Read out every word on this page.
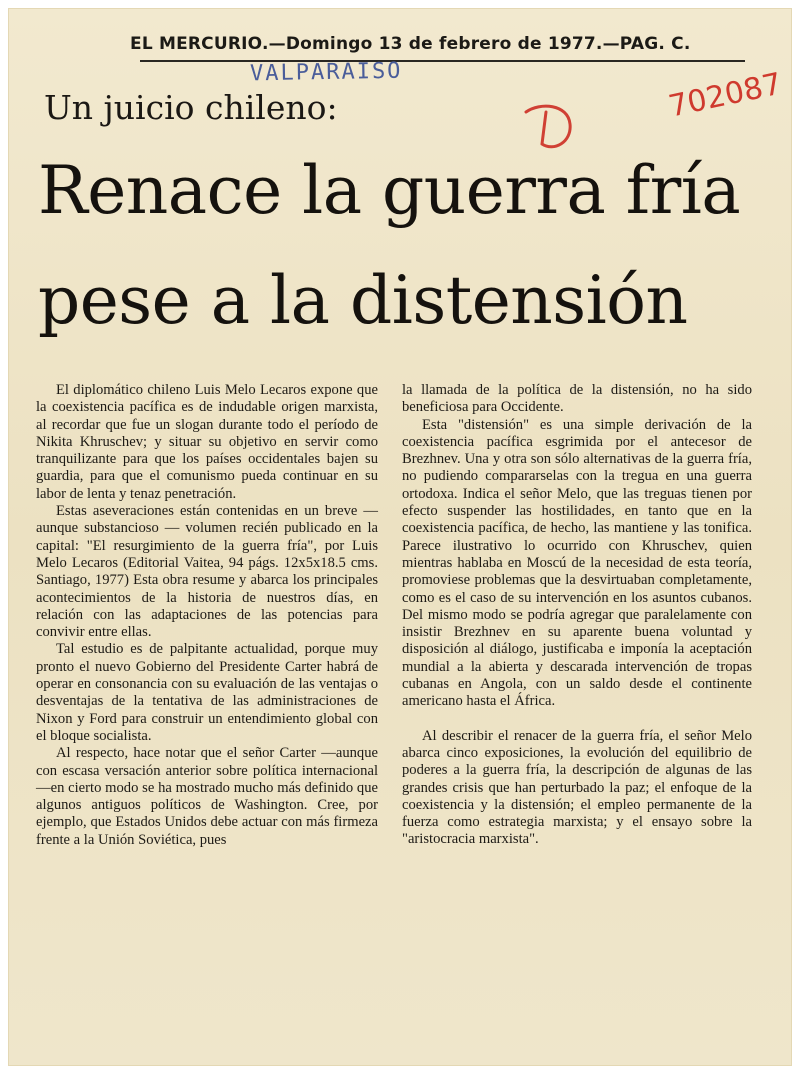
EL MERCURIO.—Domingo 13 de febrero de 1977.—PAG. C.
VALPARAISO	702087
Un juicio chileno:
Renace la guerra fría
pese a la distensión

El diplomático chileno Luis Melo Lecaros expone que la coexistencia pacífica es de indudable origen marxista, al recordar que fue un slogan durante todo el período de Nikita Khruschev; y situar su objetivo en servir como tranquilizante para que los países occidentales bajen su guardia, para que el comunismo pueda continuar en su labor de lenta y tenaz penetración.

Estas aseveraciones están contenidas en un breve —aunque substancioso — volumen recién publicado en la capital: "El resurgimiento de la guerra fría", por Luis Melo Lecaros (Editorial Vaitea, 94 págs. 12x5x18.5 cms. Santiago, 1977) Esta obra resume y abarca los principales acontecimientos de la historia de nuestros días, en relación con las adaptaciones de las potencias para convivir entre ellas.

Tal estudio es de palpitante actualidad, porque muy pronto el nuevo Gobierno del Presidente Carter habrá de operar en consonancia con su evaluación de las ventajas o desventajas de la tentativa de las administraciones de Nixon y Ford para construir un entendimiento global con el bloque socialista.

Al respecto, hace notar que el señor Carter —aunque con escasa versación anterior sobre política internacional —en cierto modo se ha mostrado mucho más definido que algunos antiguos políticos de Washington. Cree, por ejemplo, que Estados Unidos debe actuar con más firmeza frente a la Unión Soviética, pues

la llamada de la política de la distensión, no ha sido beneficiosa para Occidente.

Esta "distensión" es una simple derivación de la coexistencia pacífica esgrimida por el antecesor de Brezhnev. Una y otra son sólo alternativas de la guerra fría, no pudiendo compararselas con la tregua en una guerra ortodoxa. Indica el señor Melo, que las treguas tienen por efecto suspender las hostilidades, en tanto que en la coexistencia pacífica, de hecho, las mantiene y las tonifica. Parece ilustrativo lo ocurrido con Khruschev, quien mientras hablaba en Moscú de la necesidad de esta teoría, promoviese problemas que la desvirtuaban completamente, como es el caso de su intervención en los asuntos cubanos. Del mismo modo se podría agregar que paralelamente con insistir Brezhnev en su aparente buena voluntad y disposición al diálogo, justificaba e imponía la aceptación mundial a la abierta y descarada intervención de tropas cubanas en Angola, con un saldo desde el continente americano hasta el África.

Al describir el renacer de la guerra fría, el señor Melo abarca cinco exposiciones, la evolución del equilibrio de poderes a la guerra fría, la descripción de algunas de las grandes crisis que han perturbado la paz; el enfoque de la coexistencia y la distensión; el empleo permanente de la fuerza como estrategia marxista; y el ensayo sobre la "aristocracia marxista".
